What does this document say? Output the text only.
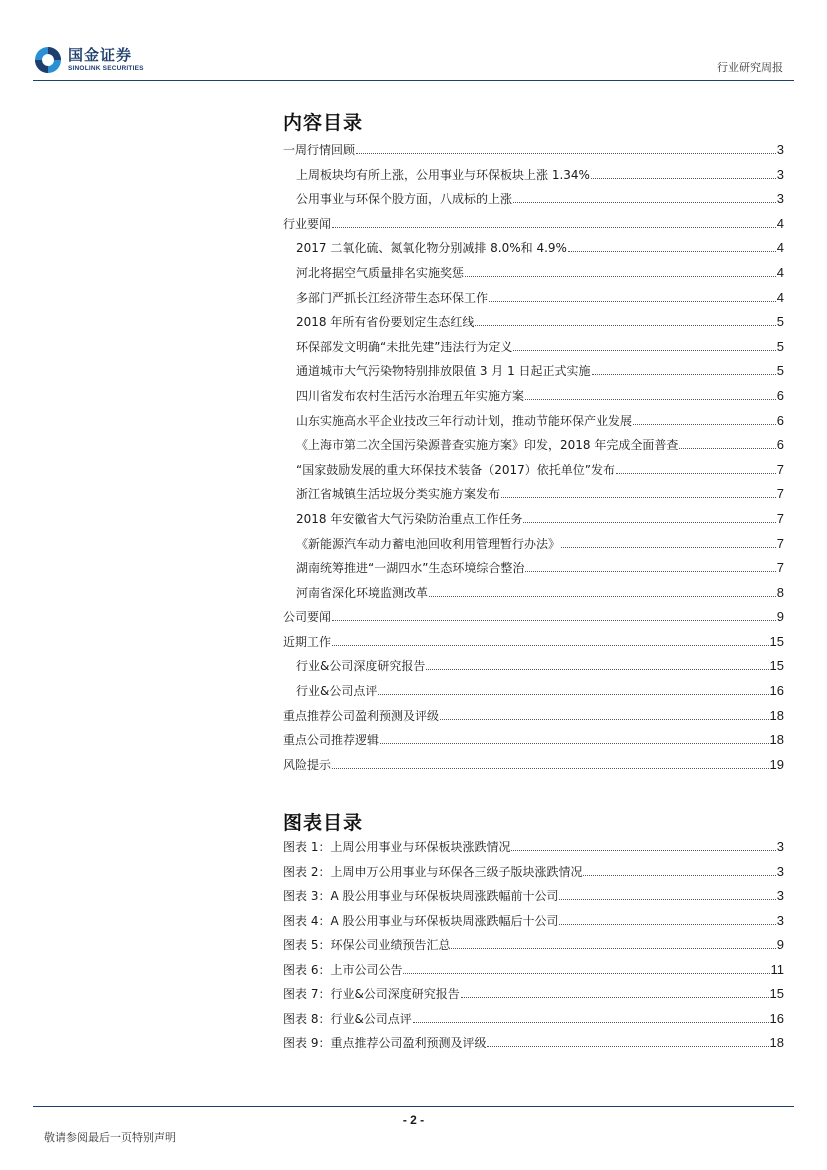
国金证券
SINOLINK SECURITIES	行业研究周报
内容目录
一周行情回顾	3
上周板块均有所上涨，公用事业与环保板块上涨 1.34%	3
公用事业与环保个股方面，八成标的上涨	3
行业要闻	4
2017 二氧化硫、氮氧化物分别减排 8.0%和 4.9%	4
河北将据空气质量排名实施奖惩	4
多部门严抓长江经济带生态环保工作	4
2018 年所有省份要划定生态红线	5
环保部发文明确“未批先建”违法行为定义	5
通道城市大气污染物特别排放限值 3 月 1 日起正式实施	5
四川省发布农村生活污水治理五年实施方案	6
山东实施高水平企业技改三年行动计划，推动节能环保产业发展	6
《上海市第二次全国污染源普查实施方案》印发，2018 年完成全面普查	6
“国家鼓励发展的重大环保技术装备（2017）依托单位”发布	7
浙江省城镇生活垃圾分类实施方案发布	7
2018 年安徽省大气污染防治重点工作任务	7
《新能源汽车动力蓄电池回收利用管理暂行办法》	7
湖南统筹推进“一湖四水”生态环境综合整治	7
河南省深化环境监测改革	8
公司要闻	9
近期工作	15
行业&公司深度研究报告	15
行业&公司点评	16
重点推荐公司盈利预测及评级	18
重点公司推荐逻辑	18
风险提示	19
图表目录
图表 1：上周公用事业与环保板块涨跌情况	3
图表 2：上周申万公用事业与环保各三级子版块涨跌情况	3
图表 3：A 股公用事业与环保板块周涨跌幅前十公司	3
图表 4：A 股公用事业与环保板块周涨跌幅后十公司	3
图表 5：环保公司业绩预告汇总	9
图表 6：上市公司公告	11
图表 7：行业&公司深度研究报告	15
图表 8：行业&公司点评	16
图表 9：重点推荐公司盈利预测及评级	18
- 2 -
敬请参阅最后一页特别声明
